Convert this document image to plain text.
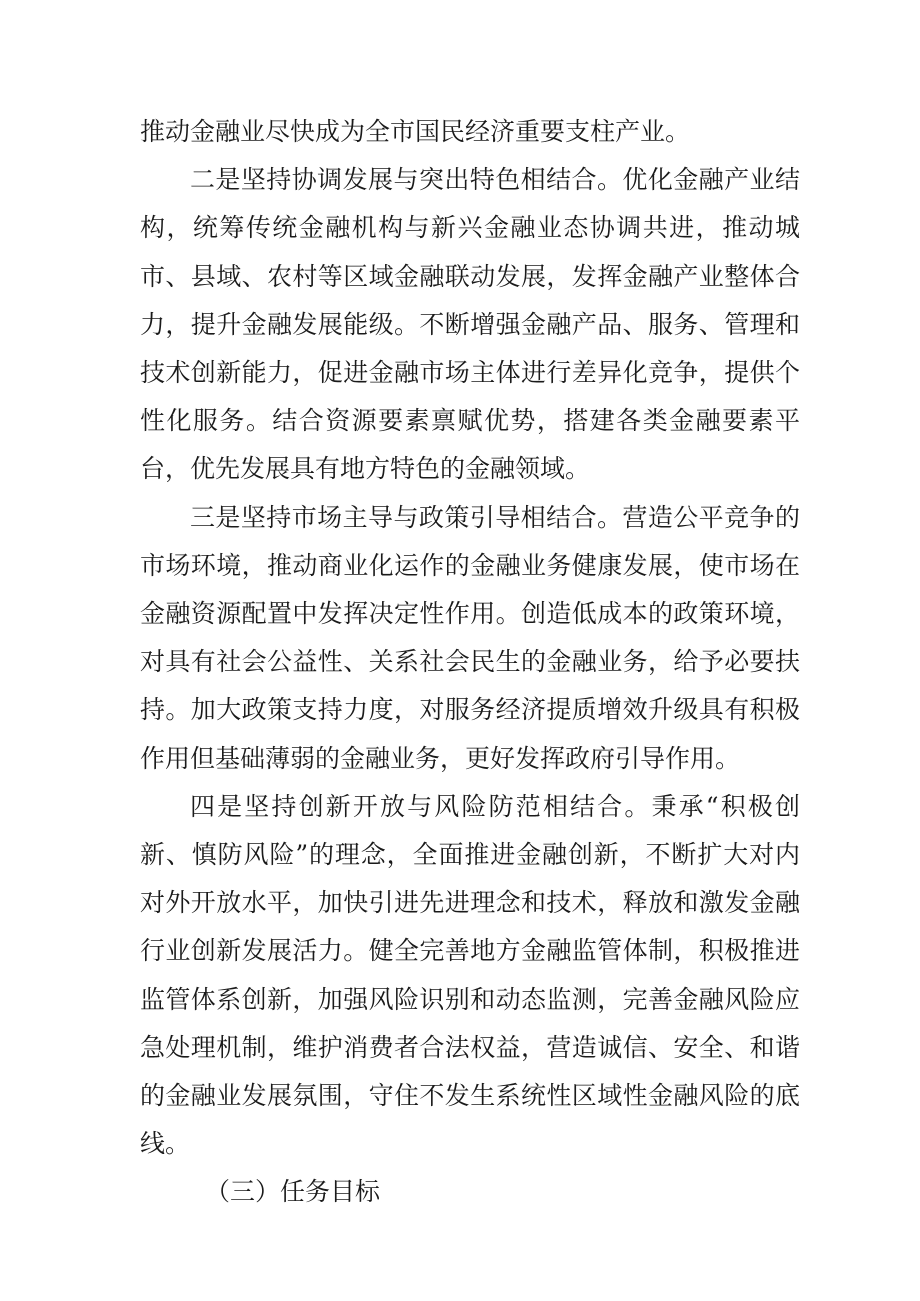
推动金融业尽快成为全市国民经济重要支柱产业。

二是坚持协调发展与突出特色相结合。优化金融产业结构，统筹传统金融机构与新兴金融业态协调共进，推动城市、县域、农村等区域金融联动发展，发挥金融产业整体合力，提升金融发展能级。不断增强金融产品、服务、管理和技术创新能力，促进金融市场主体进行差异化竞争，提供个性化服务。结合资源要素禀赋优势，搭建各类金融要素平台，优先发展具有地方特色的金融领域。

三是坚持市场主导与政策引导相结合。营造公平竞争的市场环境，推动商业化运作的金融业务健康发展，使市场在金融资源配置中发挥决定性作用。创造低成本的政策环境，对具有社会公益性、关系社会民生的金融业务，给予必要扶持。加大政策支持力度，对服务经济提质增效升级具有积极作用但基础薄弱的金融业务，更好发挥政府引导作用。

四是坚持创新开放与风险防范相结合。秉承“积极创新、慎防风险”的理念，全面推进金融创新，不断扩大对内对外开放水平，加快引进先进理念和技术，释放和激发金融行业创新发展活力。健全完善地方金融监管体制，积极推进监管体系创新，加强风险识别和动态监测，完善金融风险应急处理机制，维护消费者合法权益，营造诚信、安全、和谐的金融业发展氛围，守住不发生系统性区域性金融风险的底线。

（三）任务目标
